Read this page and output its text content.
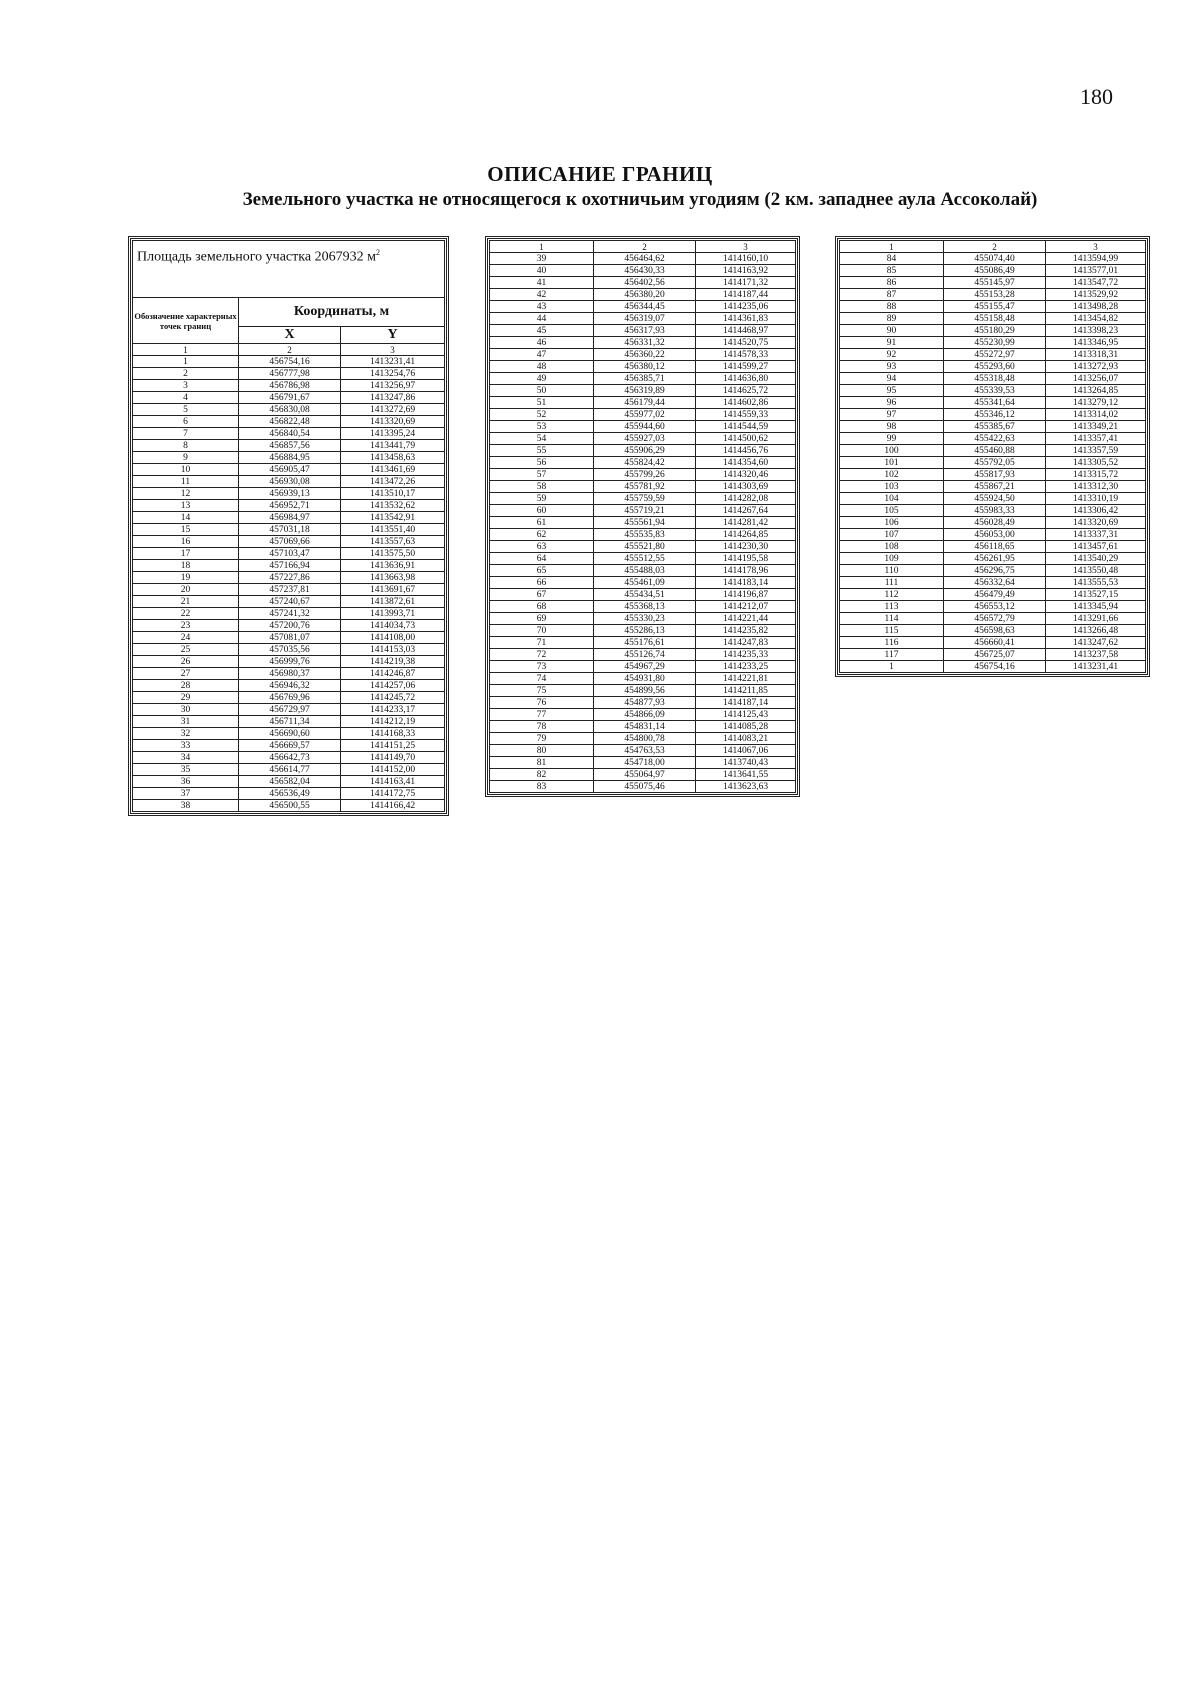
180
ОПИСАНИЕ ГРАНИЦ
Земельного участка не относящегося к охотничьим угодиям (2 км. западнее аула Ассоколай)
Площадь земельного участка 2067932 $м^2$
Обозначение характерных точек границ	Координаты, м	
	X	Y
1	2	3
1	456754,16	1413231,41
2	456777,98	1413254,76
3	456786,98	1413256,97
4	456791,67	1413247,86
5	456830,08	1413272,69
6	456822,48	1413320,69
7	456840,54	1413395,24
8	456857,56	1413441,79
9	456884,95	1413458,63
10	456905,47	1413461,69
11	456930,08	1413472,26
12	456939,13	1413510,17
13	456952,71	1413532,62
14	456984,97	1413542,91
15	457031,18	1413551,40
16	457069,66	1413557,63
17	457103,47	1413575,50
18	457166,94	1413636,91
19	457227,86	1413663,98
20	457237,81	1413691,67
21	457240,67	1413872,61
22	457241,32	1413993,71
23	457200,76	1414034,73
24	457081,07	1414108,00
25	457035,56	1414153,03
26	456999,76	1414219,38
27	456980,37	1414246,87
28	456946,32	1414257,06
29	456769,96	1414245,72
30	456729,97	1414233,17
31	456711,34	1414212,19
32	456690,60	1414168,33
33	456669,57	1414151,25
34	456642,73	1414149,70
35	456614,77	1414152,00
36	456582,04	1414163,41
37	456536,49	1414172,75
38	456500,55	1414166,42
1	2	3
39	456464,62	1414160,10
40	456430,33	1414163,92
41	456402,56	1414171,32
42	456380,20	1414187,44
43	456344,45	1414235,06
44	456319,07	1414361,83
45	456317,93	1414468,97
46	456331,32	1414520,75
47	456360,22	1414578,33
48	456380,12	1414599,27
49	456385,71	1414636,80
50	456319,89	1414625,72
51	456179,44	1414602,86
52	455977,02	1414559,33
53	455944,60	1414544,59
54	455927,03	1414500,62
55	455906,29	1414456,76
56	455824,42	1414354,60
57	455799,26	1414320,46
58	455781,92	1414303,69
59	455759,59	1414282,08
60	455719,21	1414267,64
61	455561,94	1414281,42
62	455535,83	1414264,85
63	455521,80	1414230,30
64	455512,55	1414195,58
65	455488,03	1414178,96
66	455461,09	1414183,14
67	455434,51	1414196,87
68	455368,13	1414212,07
69	455330,23	1414221,44
70	455286,13	1414235,82
71	455176,61	1414247,83
72	455126,74	1414235,33
73	454967,29	1414233,25
74	454931,80	1414221,81
75	454899,56	1414211,85
76	454877,93	1414187,14
77	454866,09	1414125,43
78	454831,14	1414085,28
79	454800,78	1414083,21
80	454763,53	1414067,06
81	454718,00	1413740,43
82	455064,97	1413641,55
83	455075,46	1413623,63
1	2	3
84	455074,40	1413594,99
85	455086,49	1413577,01
86	455145,97	1413547,72
87	455153,28	1413529,92
88	455155,47	1413498,28
89	455158,48	1413454,82
90	455180,29	1413398,23
91	455230,99	1413346,95
92	455272,97	1413318,31
93	455293,60	1413272,93
94	455318,48	1413256,07
95	455339,53	1413264,85
96	455341,64	1413279,12
97	455346,12	1413314,02
98	455385,67	1413349,21
99	455422,63	1413357,41
100	455460,88	1413357,59
101	455792,05	1413305,52
102	455817,93	1413315,72
103	455867,21	1413312,30
104	455924,50	1413310,19
105	455983,33	1413306,42
106	456028,49	1413320,69
107	456053,00	1413337,31
108	456118,65	1413457,61
109	456261,95	1413540,29
110	456296,75	1413550,48
111	456332,64	1413555,53
112	456479,49	1413527,15
113	456553,12	1413345,94
114	456572,79	1413291,66
115	456598,63	1413266,48
116	456660,41	1413247,62
117	456725,07	1413237,58
1	456754,16	1413231,41
